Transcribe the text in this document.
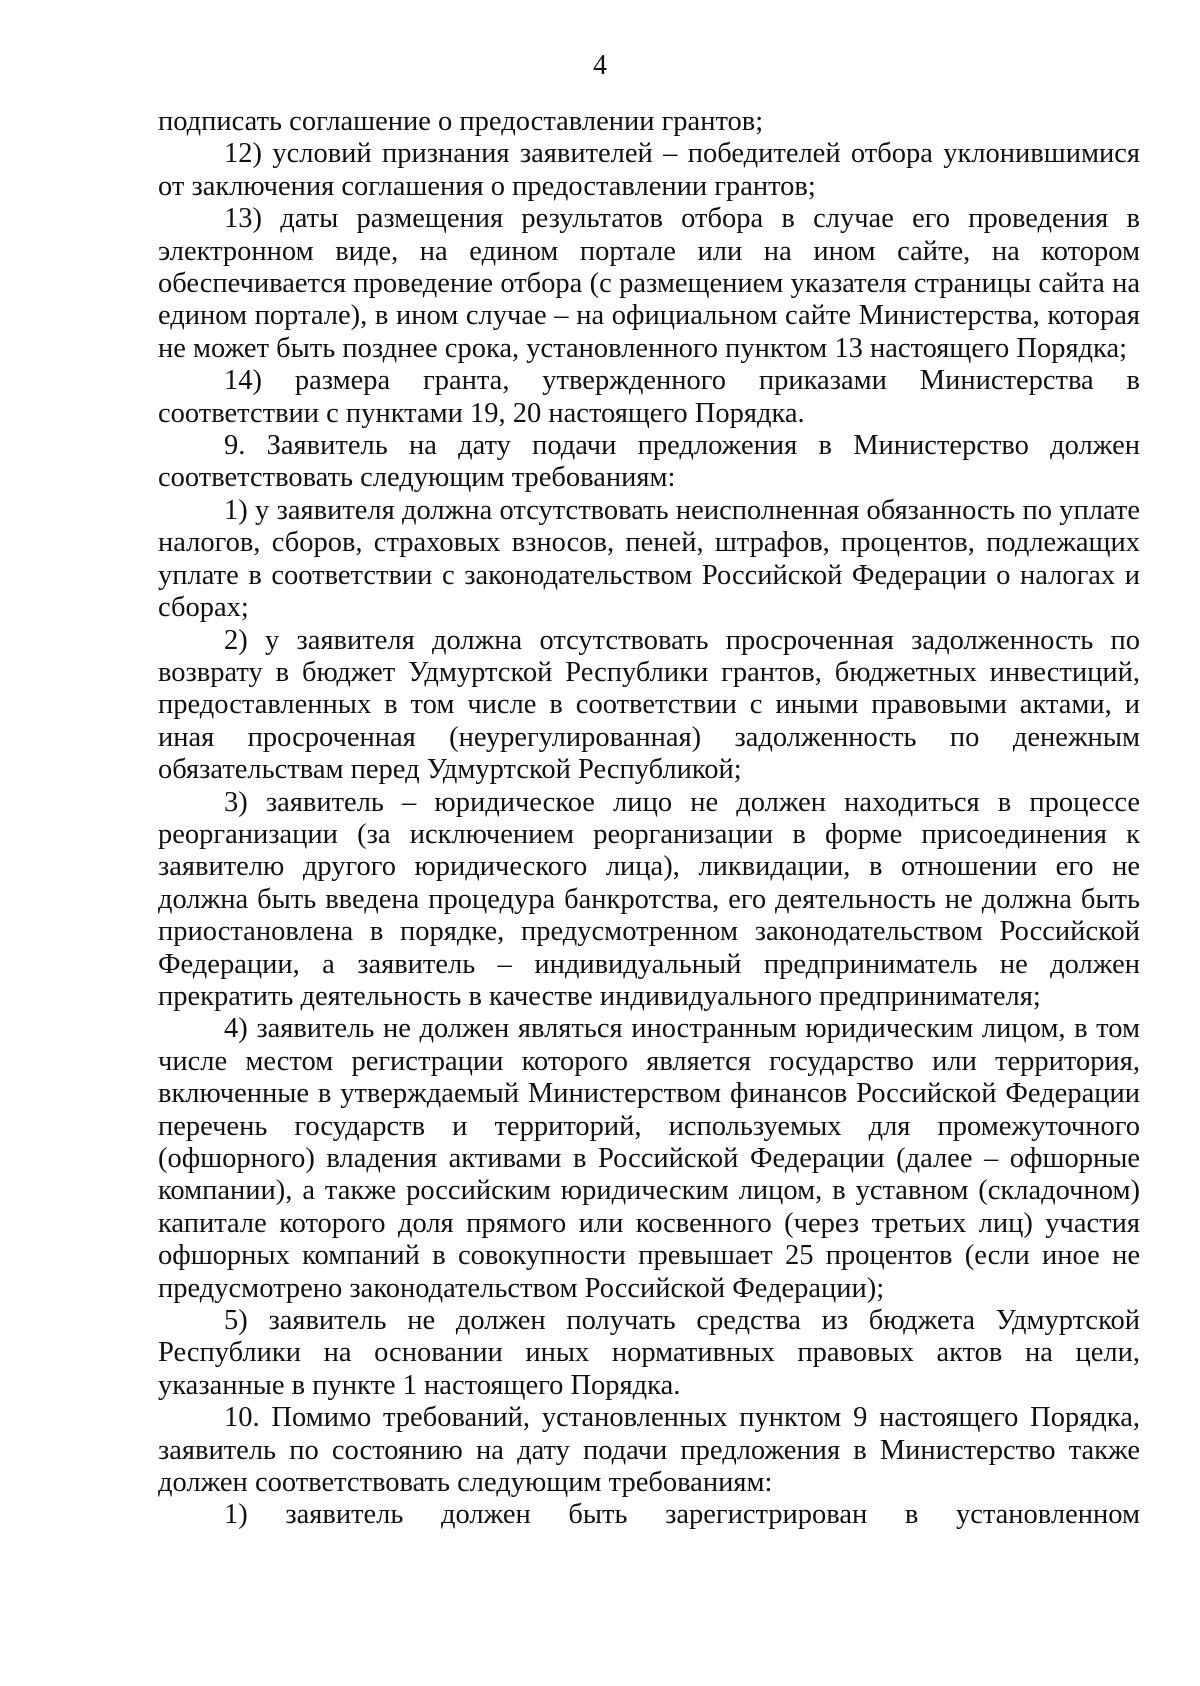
4

подписать соглашение о предоставлении грантов;

12) условий признания заявителей – победителей отбора уклонившимися от заключения соглашения о предоставлении грантов;

13) даты размещения результатов отбора в случае его проведения в электронном виде, на едином портале или на ином сайте, на котором обеспечивается проведение отбора (с размещением указателя страницы сайта на едином портале), в ином случае – на официальном сайте Министерства, которая не может быть позднее срока, установленного пунктом 13 настоящего Порядка;

14) размера гранта, утвержденного приказами Министерства в соответствии с пунктами 19, 20 настоящего Порядка.

9. Заявитель на дату подачи предложения в Министерство должен соответствовать следующим требованиям:

1) у заявителя должна отсутствовать неисполненная обязанность по уплате налогов, сборов, страховых взносов, пеней, штрафов, процентов, подлежащих уплате в соответствии с законодательством Российской Федерации о налогах и сборах;

2) у заявителя должна отсутствовать просроченная задолженность по возврату в бюджет Удмуртской Республики грантов, бюджетных инвестиций, предоставленных в том числе в соответствии с иными правовыми актами, и иная просроченная (неурегулированная) задолженность по денежным обязательствам перед Удмуртской Республикой;

3) заявитель – юридическое лицо не должен находиться в процессе реорганизации (за исключением реорганизации в форме присоединения к заявителю другого юридического лица), ликвидации, в отношении его не должна быть введена процедура банкротства, его деятельность не должна быть приостановлена в порядке, предусмотренном законодательством Российской Федерации, а заявитель – индивидуальный предприниматель не должен прекратить деятельность в качестве индивидуального предпринимателя;

4) заявитель не должен являться иностранным юридическим лицом, в том числе местом регистрации которого является государство или территория, включенные в утверждаемый Министерством финансов Российской Федерации перечень государств и территорий, используемых для промежуточного (офшорного) владения активами в Российской Федерации (далее – офшорные компании), а также российским юридическим лицом, в уставном (складочном) капитале которого доля прямого или косвенного (через третьих лиц) участия офшорных компаний в совокупности превышает 25 процентов (если иное не предусмотрено законодательством Российской Федерации);

5) заявитель не должен получать средства из бюджета Удмуртской Республики на основании иных нормативных правовых актов на цели, указанные в пункте 1 настоящего Порядка.

10. Помимо требований, установленных пунктом 9 настоящего Порядка, заявитель по состоянию на дату подачи предложения в Министерство также должен соответствовать следующим требованиям:

1) заявитель должен быть зарегистрирован в установленном
